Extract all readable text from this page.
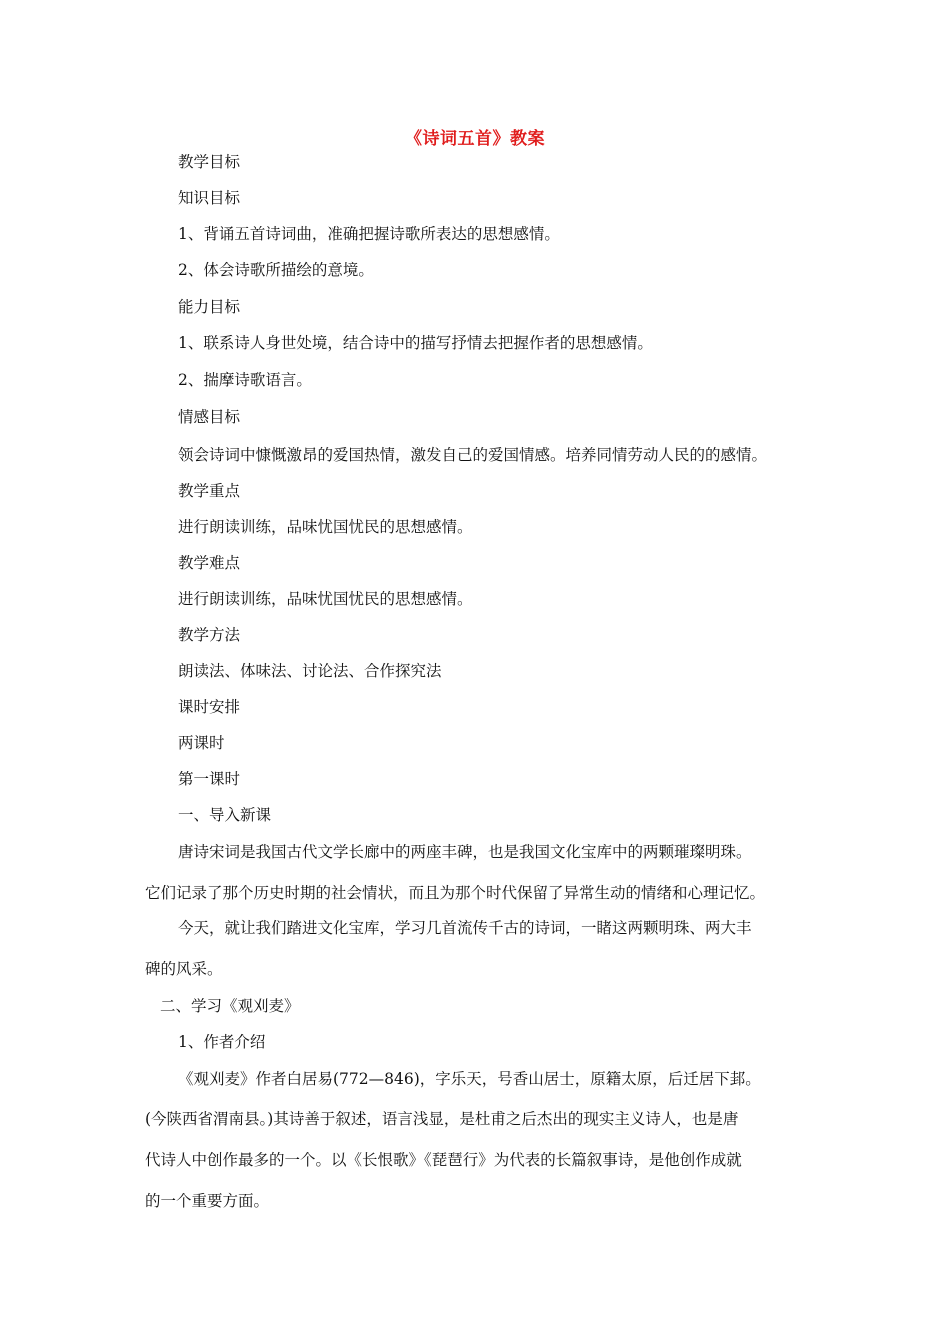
《诗词五首》教案
教学目标
知识目标
1、背诵五首诗词曲，准确把握诗歌所表达的思想感情。
2、体会诗歌所描绘的意境。
能力目标
1、联系诗人身世处境，结合诗中的描写抒情去把握作者的思想感情。
2、揣摩诗歌语言。
情感目标
领会诗词中慷慨激昂的爱国热情，激发自己的爱国情感。培养同情劳动人民的的感情。
教学重点
进行朗读训练，品味忧国忧民的思想感情。
教学难点
进行朗读训练，品味忧国忧民的思想感情。
教学方法
朗读法、体味法、讨论法、合作探究法
课时安排
两课时
第一课时
一、导入新课
唐诗宋词是我国古代文学长廊中的两座丰碑，也是我国文化宝库中的两颗璀璨明珠。
它们记录了那个历史时期的社会情状，而且为那个时代保留了异常生动的情绪和心理记忆。
今天，就让我们踏进文化宝库，学习几首流传千古的诗词，一睹这两颗明珠、两大丰
碑的风采。
二、学习《观刈麦》
1、作者介绍
《观刈麦》作者白居易(772—846)，字乐天，号香山居士，原籍太原，后迁居下邽。
(今陕西省渭南县。)其诗善于叙述，语言浅显，是杜甫之后杰出的现实主义诗人，也是唐
代诗人中创作最多的一个。以《长恨歌》《琵琶行》为代表的长篇叙事诗，是他创作成就
的一个重要方面。
